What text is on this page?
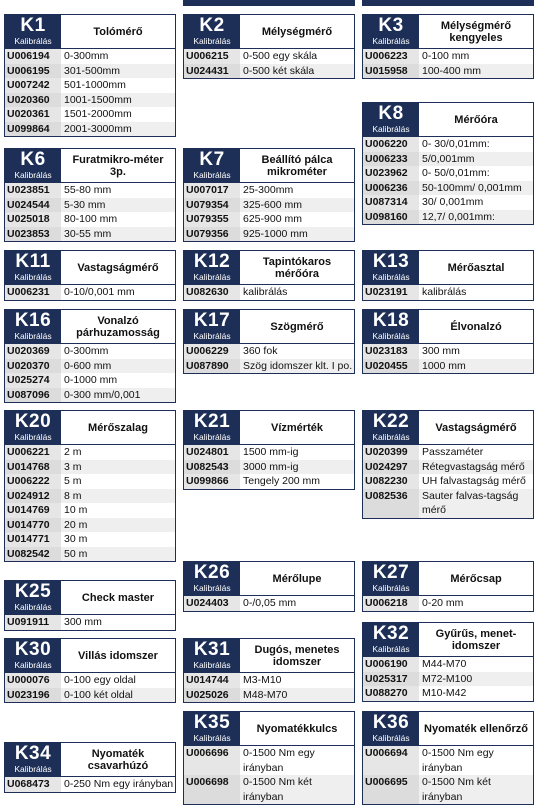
K1
Kalibrálás
Tolómérő
U006194	0-300mm
U006195	301-500mm
U007242	501-1000mm
U020360	1001-1500mm
U020361	1501-2000mm
U099864	2001-3000mm
K2
Kalibrálás
Mélységmérő
U006215	0-500 egy skála
U024431	0-500 két skála
K3
Kalibrálás
Mélységmérő kengyeles
U006223	0-100 mm
U015958	100-400 mm
K8
Kalibrálás
Mérőóra
U006220	0- 30/0,01mm:
U006233	5/0,001mm
U023962	0- 50/0,01mm:
U006236	50-100mm/ 0,001mm
U087314	30/ 0,001mm
U098160	12,7/ 0,001mm:
K6
Kalibrálás
Furatmikro-méter 3p.
U023851	55-80 mm
U024544	5-30 mm
U025018	80-100 mm
U023853	30-55 mm
K7
Kalibrálás
Beállító pálca mikrométer
U007017	25-300mm
U079354	325-600 mm
U079355	625-900 mm
U079356	925-1000 mm
K11
Kalibrálás
Vastagságmérő
U006231	0-10/0,001 mm
K12
Kalibrálás
Tapintókaros mérőóra
U082630	kalibrálás
K13
Kalibrálás
Mérőasztal
U023191	kalibrálás
K16
Kalibrálás
Vonalzó párhuzamosság
U020369	0-300mm
U020370	0-600 mm
U025274	0-1000 mm
U087096	0-300 mm/0,001
K17
Kalibrálás
Szögmérő
U006229	360 fok
U087890	Szög idomszer klt. I po.
K18
Kalibrálás
Élvonalzó
U023183	300 mm
U020455	1000 mm
K20
Kalibrálás
Mérőszalag
U006221	2 m
U014768	3 m
U006222	5 m
U024912	8 m
U014769	10 m
U014770	20 m
U014771	30 m
U082542	50 m
K21
Kalibrálás
Vízmérték
U024801	1500 mm-ig
U082543	3000 mm-ig
U099866	Tengely 200 mm
K22
Kalibrálás
Vastagságmérő
U020399	Passzaméter
U024297	Rétegvastagság mérő
U082230	UH falvastagság mérő
U082536	Sauter falvas-tagság mérő
K25
Kalibrálás
Check master
U091911	300 mm
K26
Kalibrálás
Mérőlupe
U024403	0-/0,05 mm
K27
Kalibrálás
Mérőcsap
U006218	0-20 mm
K30
Kalibrálás
Villás idomszer
U000076	0-100 egy oldal
U023196	0-100 két oldal
K31
Kalibrálás
Dugós, menetes idomszer
U014744	M3-M10
U025026	M48-M70
K32
Kalibrálás
Gyűrűs, menet-idomszer
U006190	M44-M70
U025317	M72-M100
U088270	M10-M42
K35
Kalibrálás
Nyomatékkulcs
U006696	0-1500 Nm egy irányban
U006698	0-1500 Nm két irányban
K36
Kalibrálás
Nyomaték ellenőrző
U006694	0-1500 Nm egy irányban
U006695	0-1500 Nm két irányban
K34
Kalibrálás
Nyomaték csavarhúzó
U068473	0-250 Nm egy irányban
